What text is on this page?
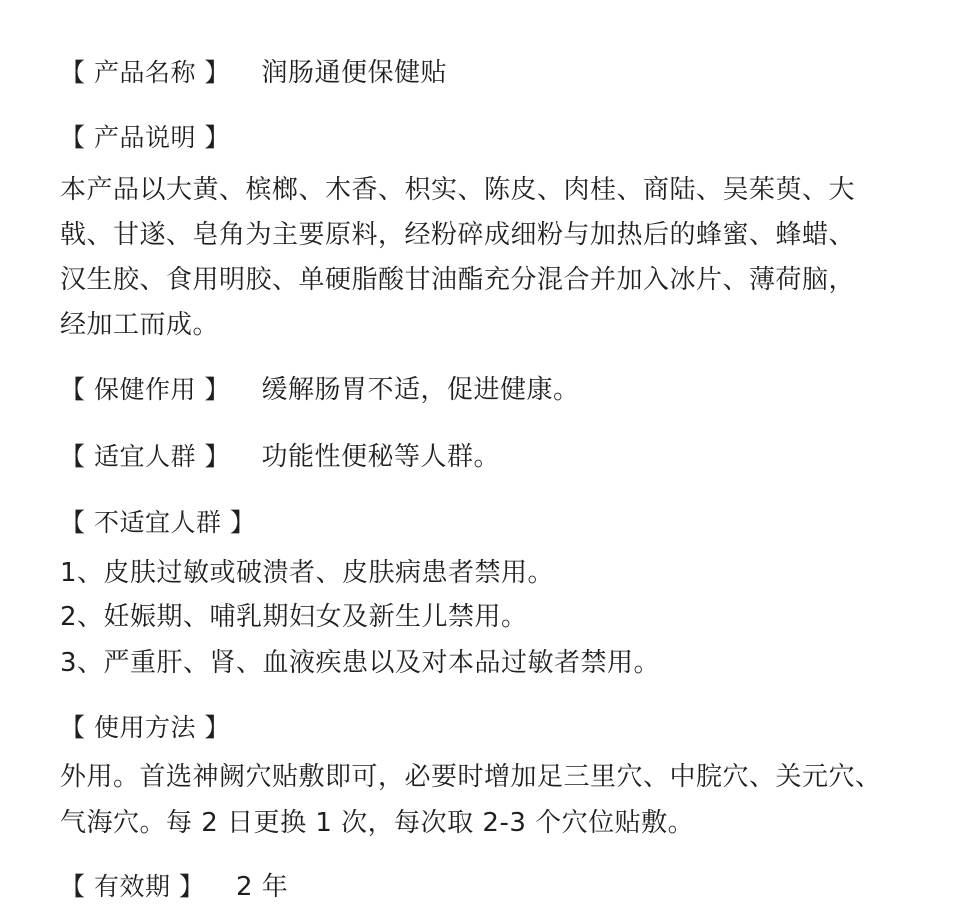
【 产品名称 】 润肠通便保健贴
【 产品说明 】
本产品以大黄、槟榔、木香、枳实、陈皮、肉桂、商陆、吴茱萸、大
戟、甘遂、皂角为主要原料，经粉碎成细粉与加热后的蜂蜜、蜂蜡、
汉生胶、食用明胶、单硬脂酸甘油酯充分混合并加入冰片、薄荷脑，
经加工而成。
【 保健作用 】 缓解肠胃不适，促进健康。
【 适宜人群 】 功能性便秘等人群。
【 不适宜人群 】
1、皮肤过敏或破溃者、皮肤病患者禁用。
2、妊娠期、哺乳期妇女及新生儿禁用。
3、严重肝、肾、血液疾患以及对本品过敏者禁用。
【 使用方法 】
外用。首选神阙穴贴敷即可，必要时增加足三里穴、中脘穴、关元穴、
气海穴。每 2 日更换 1 次，每次取 2-3 个穴位贴敷。
【 有效期 】 2 年
